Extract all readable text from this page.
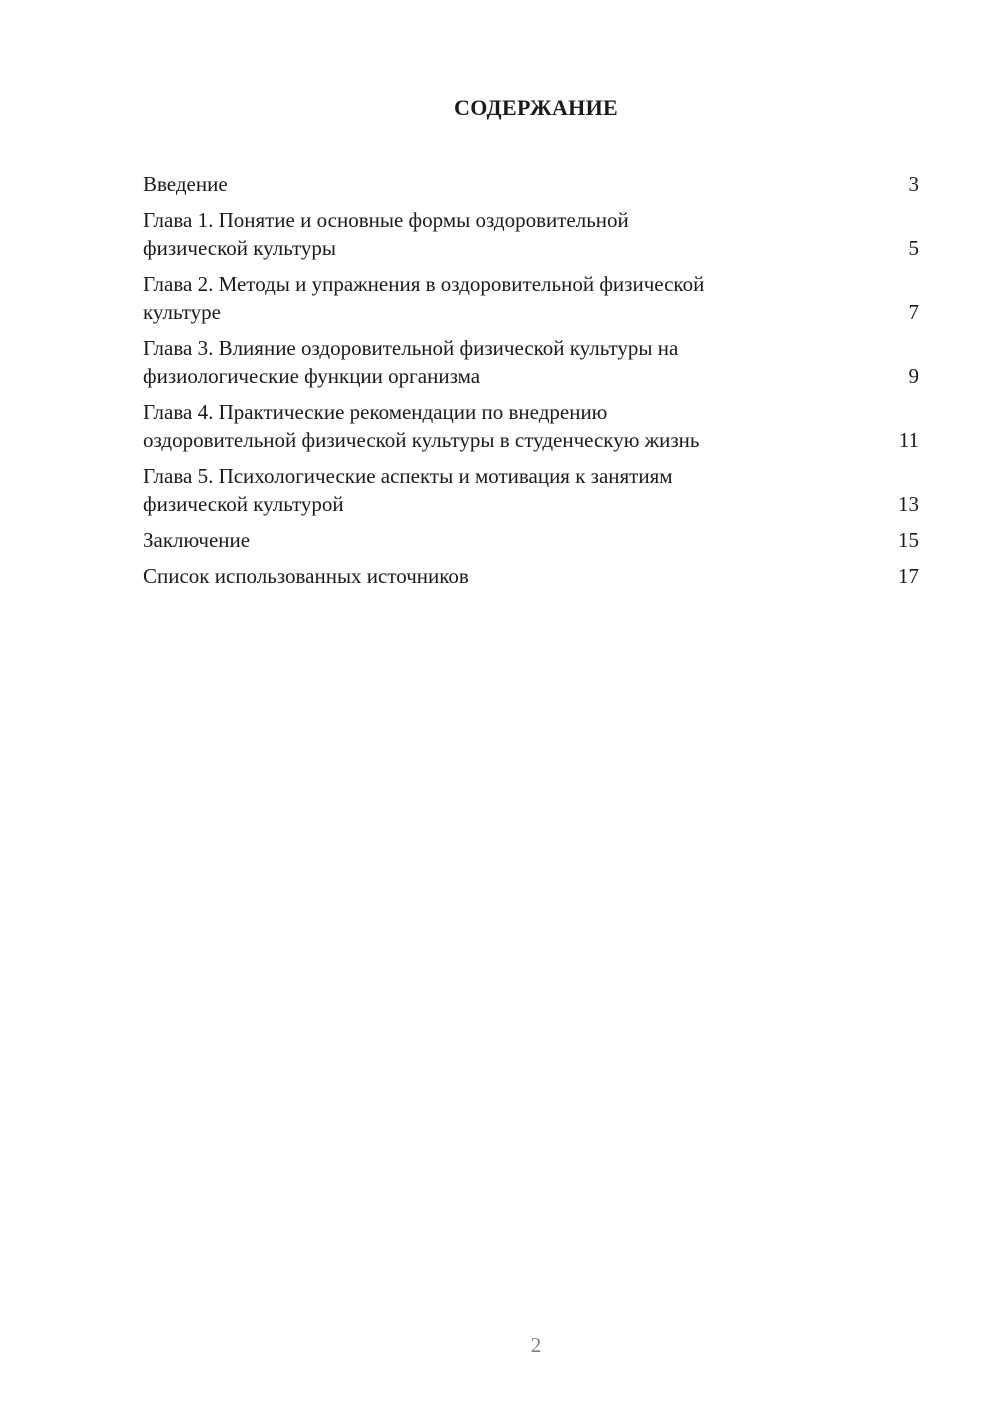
СОДЕРЖАНИЕ
Введение	3
Глава 1. Понятие и основные формы оздоровительной
физической культуры	5
Глава 2. Методы и упражнения в оздоровительной физической
культуре	7
Глава 3. Влияние оздоровительной физической культуры на
физиологические функции организма	9
Глава 4. Практические рекомендации по внедрению
оздоровительной физической культуры в студенческую жизнь	11
Глава 5. Психологические аспекты и мотивация к занятиям
физической культурой	13
Заключение	15
Список использованных источников	17
2
